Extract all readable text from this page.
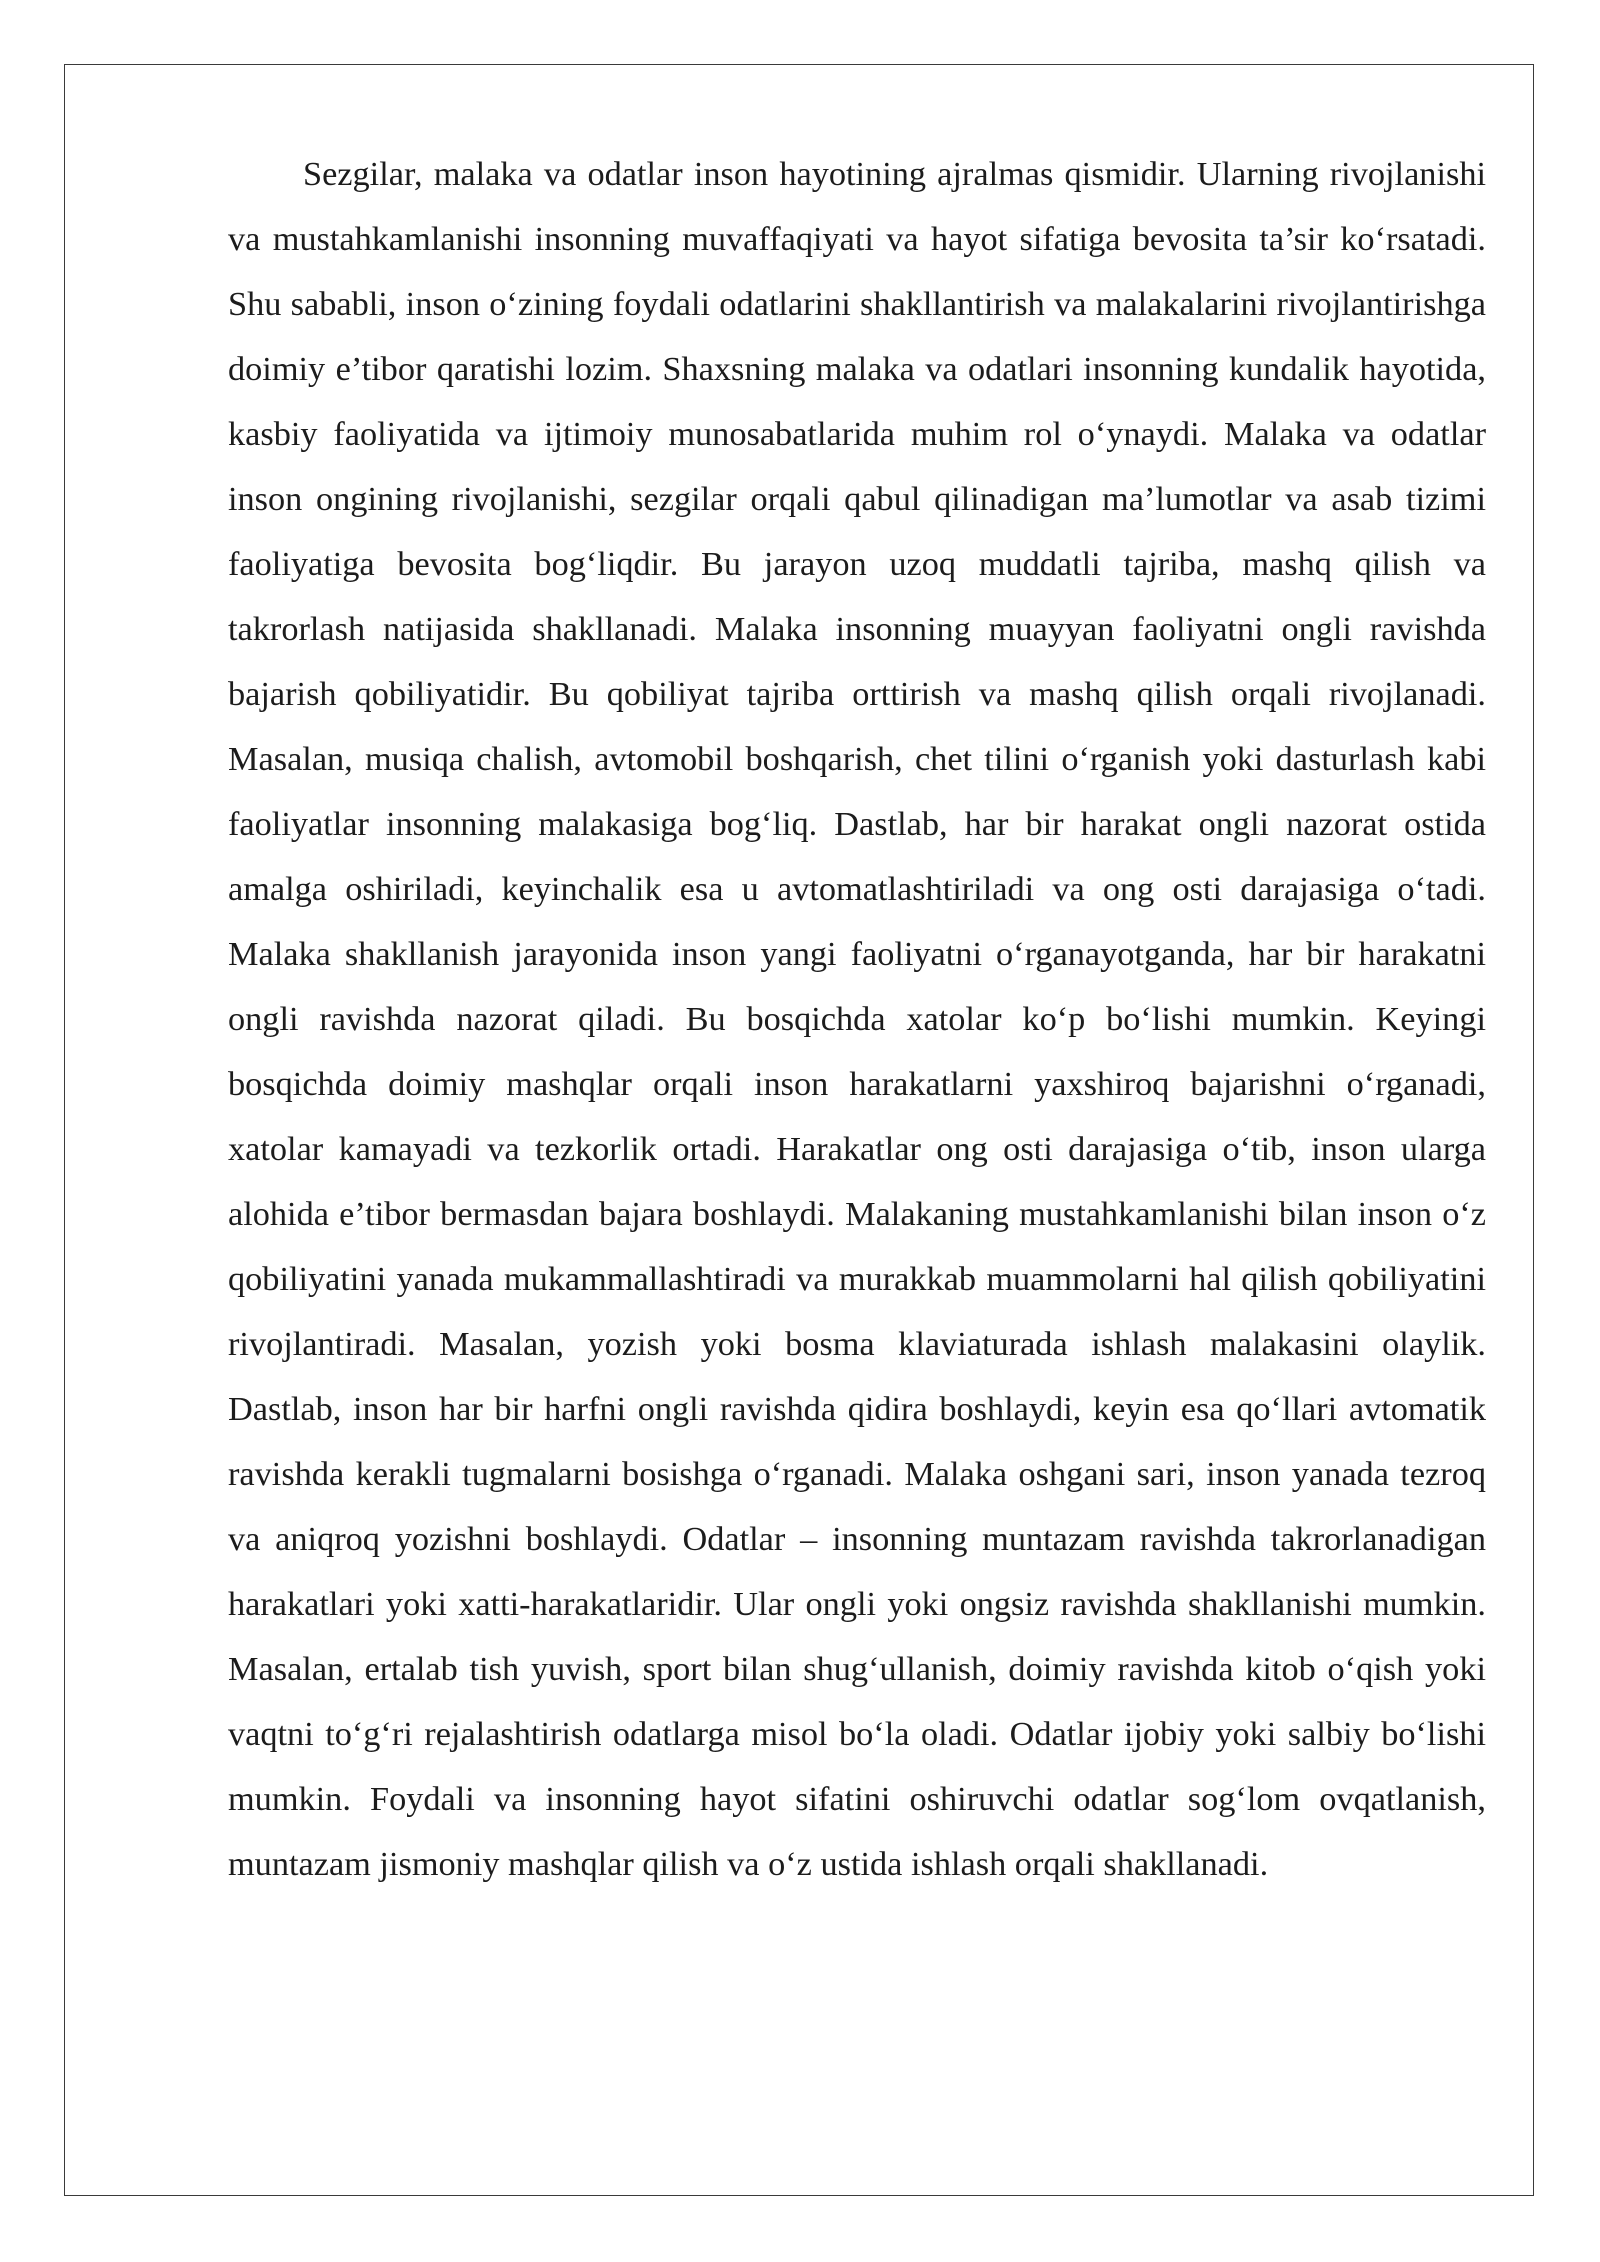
Sezgilar, malaka va odatlar inson hayotining ajralmas qismidir. Ularning rivojlanishi va mustahkamlanishi insonning muvaffaqiyati va hayot sifatiga bevosita ta’sir ko‘rsatadi. Shu sababli, inson o‘zining foydali odatlarini shakllantirish va malakalarini rivojlantirishga doimiy e’tibor qaratishi lozim. Shaxsning malaka va odatlari insonning kundalik hayotida, kasbiy faoliyatida va ijtimoiy munosabatlarida muhim rol o‘ynaydi. Malaka va odatlar inson ongining rivojlanishi, sezgilar orqali qabul qilinadigan ma’lumotlar va asab tizimi faoliyatiga bevosita bog‘liqdir. Bu jarayon uzoq muddatli tajriba, mashq qilish va takrorlash natijasida shakllanadi. Malaka insonning muayyan faoliyatni ongli ravishda bajarish qobiliyatidir. Bu qobiliyat tajriba orttirish va mashq qilish orqali rivojlanadi. Masalan, musiqa chalish, avtomobil boshqarish, chet tilini o‘rganish yoki dasturlash kabi faoliyatlar insonning malakasiga bog‘liq. Dastlab, har bir harakat ongli nazorat ostida amalga oshiriladi, keyinchalik esa u avtomatlashtiriladi va ong osti darajasiga o‘tadi. Malaka shakllanish jarayonida inson yangi faoliyatni o‘rganayotganda, har bir harakatni ongli ravishda nazorat qiladi. Bu bosqichda xatolar ko‘p bo‘lishi mumkin. Keyingi bosqichda doimiy mashqlar orqali inson harakatlarni yaxshiroq bajarishni o‘rganadi, xatolar kamayadi va tezkorlik ortadi. Harakatlar ong osti darajasiga o‘tib, inson ularga alohida e’tibor bermasdan bajara boshlaydi. Malakaning mustahkamlanishi bilan inson o‘z qobiliyatini yanada mukammallashtiradi va murakkab muammolarni hal qilish qobiliyatini rivojlantiradi. Masalan, yozish yoki bosma klaviaturada ishlash malakasini olaylik. Dastlab, inson har bir harfni ongli ravishda qidira boshlaydi, keyin esa qo‘llari avtomatik ravishda kerakli tugmalarni bosishga o‘rganadi. Malaka oshgani sari, inson yanada tezroq va aniqroq yozishni boshlaydi. Odatlar – insonning muntazam ravishda takrorlanadigan harakatlari yoki xatti-harakatlaridir. Ular ongli yoki ongsiz ravishda shakllanishi mumkin. Masalan, ertalab tish yuvish, sport bilan shug‘ullanish, doimiy ravishda kitob o‘qish yoki vaqtni to‘g‘ri rejalashtirish odatlarga misol bo‘la oladi. Odatlar ijobiy yoki salbiy bo‘lishi mumkin. Foydali va insonning hayot sifatini oshiruvchi odatlar sog‘lom ovqatlanish, muntazam jismoniy mashqlar qilish va o‘z ustida ishlash orqali shakllanadi.
